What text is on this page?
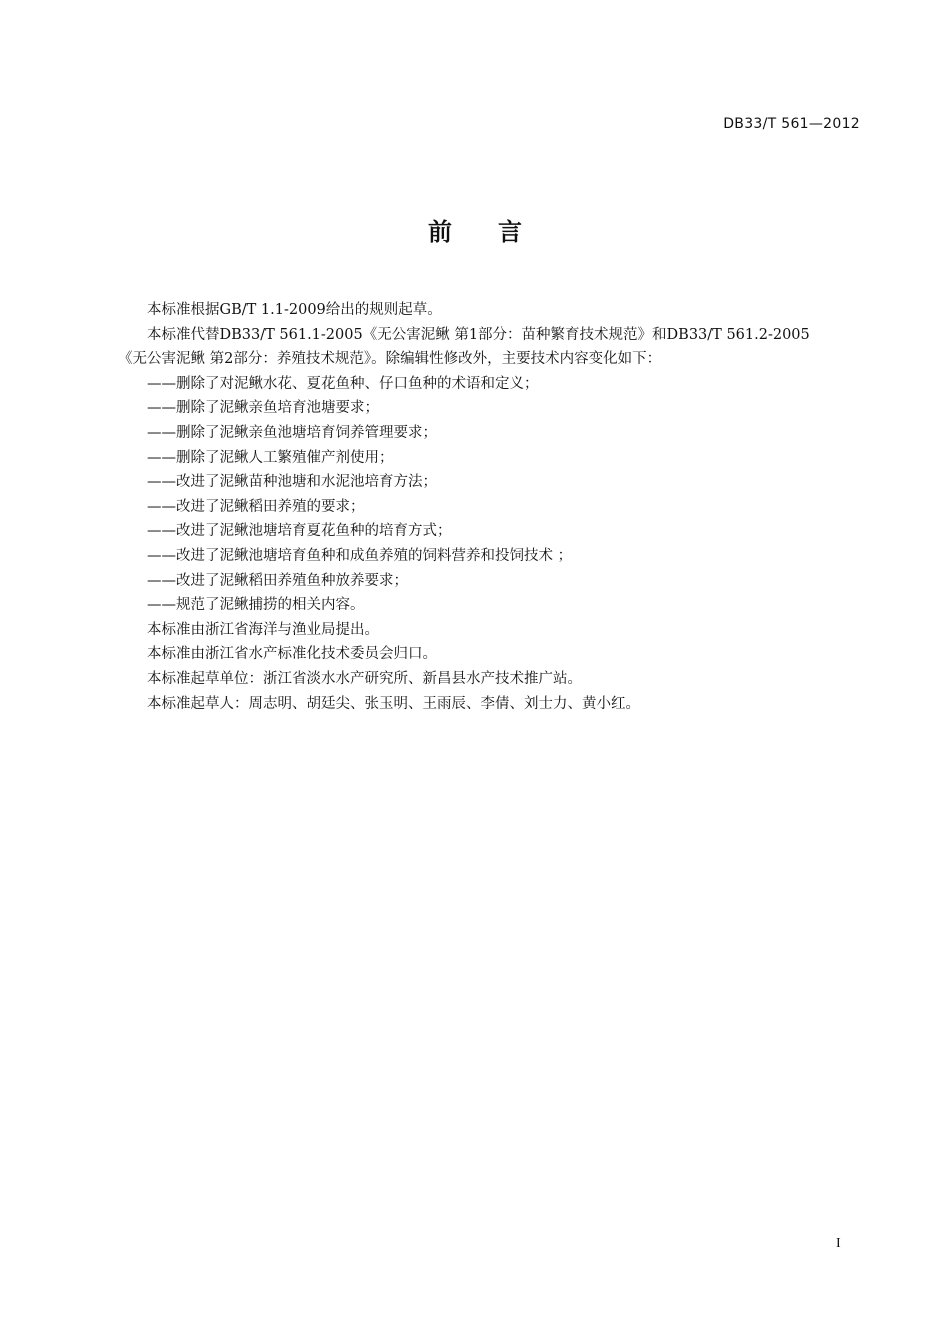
DB33/T 561—2012
前 言

本标准根据GB/T 1.1-2009给出的规则起草。

本标准代替DB33/T 561.1-2005《无公害泥鳅 第1部分：苗种繁育技术规范》和DB33/T 561.2-2005

《无公害泥鳅 第2部分：养殖技术规范》。除编辑性修改外，主要技术内容变化如下：

——删除了对泥鳅水花、夏花鱼种、仔口鱼种的术语和定义；

——删除了泥鳅亲鱼培育池塘要求；

——删除了泥鳅亲鱼池塘培育饲养管理要求；

——删除了泥鳅人工繁殖催产剂使用；

——改进了泥鳅苗种池塘和水泥池培育方法；

——改进了泥鳅稻田养殖的要求；

——改进了泥鳅池塘培育夏花鱼种的培育方式；

——改进了泥鳅池塘培育鱼种和成鱼养殖的饲料营养和投饲技术 ；

——改进了泥鳅稻田养殖鱼种放养要求；

——规范了泥鳅捕捞的相关内容。

本标准由浙江省海洋与渔业局提出。

本标准由浙江省水产标准化技术委员会归口。

本标准起草单位：浙江省淡水水产研究所、新昌县水产技术推广站。

本标准起草人：周志明、胡廷尖、张玉明、王雨辰、李倩、刘士力、黄小红。

I
